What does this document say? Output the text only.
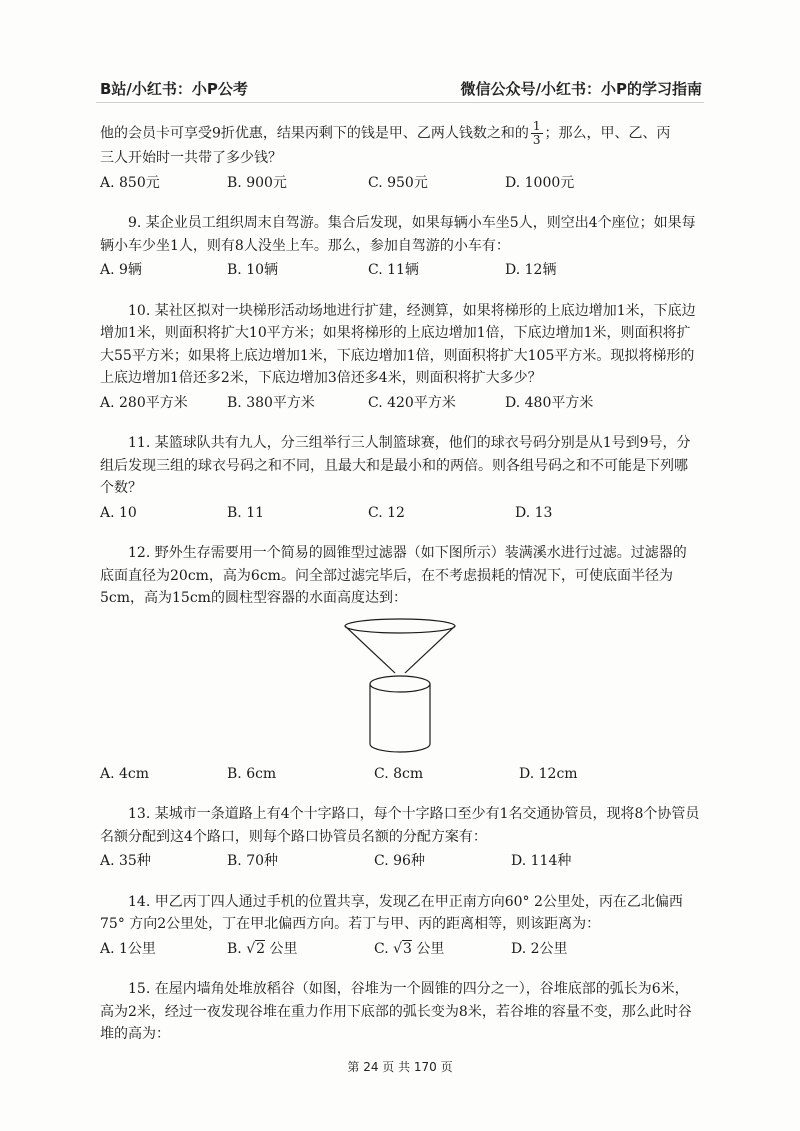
B站/小红书：小P公考	微信公众号/小红书：小P的学习指南

他的会员卡可享受9折优惠，结果丙剩下的钱是甲、乙两人钱数之和的 $\frac{1}{3}$ ；那么，甲、乙、丙

三人开始时一共带了多少钱？

A. 850元	B. 900元	C. 950元	D. 1000元

9. 某企业员工组织周末自驾游。集合后发现，如果每辆小车坐5人，则空出4个座位；如果每辆小车少坐1人，则有8人没坐上车。那么，参加自驾游的小车有：

A. 9辆	B. 10辆	C. 11辆	D. 12辆

10. 某社区拟对一块梯形活动场地进行扩建，经测算，如果将梯形的上底边增加1米，下底边增加1米，则面积将扩大10平方米；如果将梯形的上底边增加1倍，下底边增加1米，则面积将扩大55平方米；如果将上底边增加1米，下底边增加1倍，则面积将扩大105平方米。现拟将梯形的上底边增加1倍还多2米，下底边增加3倍还多4米，则面积将扩大多少？

A. 280平方米	B. 380平方米	C. 420平方米	D. 480平方米

11. 某篮球队共有九人，分三组举行三人制篮球赛，他们的球衣号码分别是从1号到9号，分组后发现三组的球衣号码之和不同，且最大和是最小和的两倍。则各组号码之和不可能是下列哪个数？

A. 10	B. 11	C. 12	D. 13

12. 野外生存需要用一个简易的圆锥型过滤器（如下图所示）装满溪水进行过滤。过滤器的底面直径为20cm，高为6cm。问全部过滤完毕后，在不考虑损耗的情况下，可使底面半径为5cm，高为15cm的圆柱型容器的水面高度达到：

A. 4cm	B. 6cm	C. 8cm	D. 12cm

13. 某城市一条道路上有4个十字路口，每个十字路口至少有1名交通协管员，现将8个协管员名额分配到这4个路口，则每个路口协管员名额的分配方案有：

A. 35种	B. 70种	C. 96种	D. 114种

14. 甲乙丙丁四人通过手机的位置共享，发现乙在甲正南方向60° 2公里处，丙在乙北偏西75° 方向2公里处，丁在甲北偏西方向。若丁与甲、丙的距离相等，则该距离为：

A. 1公里	B. √2 公里	C. √3 公里	D. 2公里

15. 在屋内墙角处堆放稻谷（如图，谷堆为一个圆锥的四分之一），谷堆底部的弧长为6米，高为2米，经过一夜发现谷堆在重力作用下底部的弧长变为8米，若谷堆的容量不变，那么此时谷堆的高为：

第 24 页 共 170 页
